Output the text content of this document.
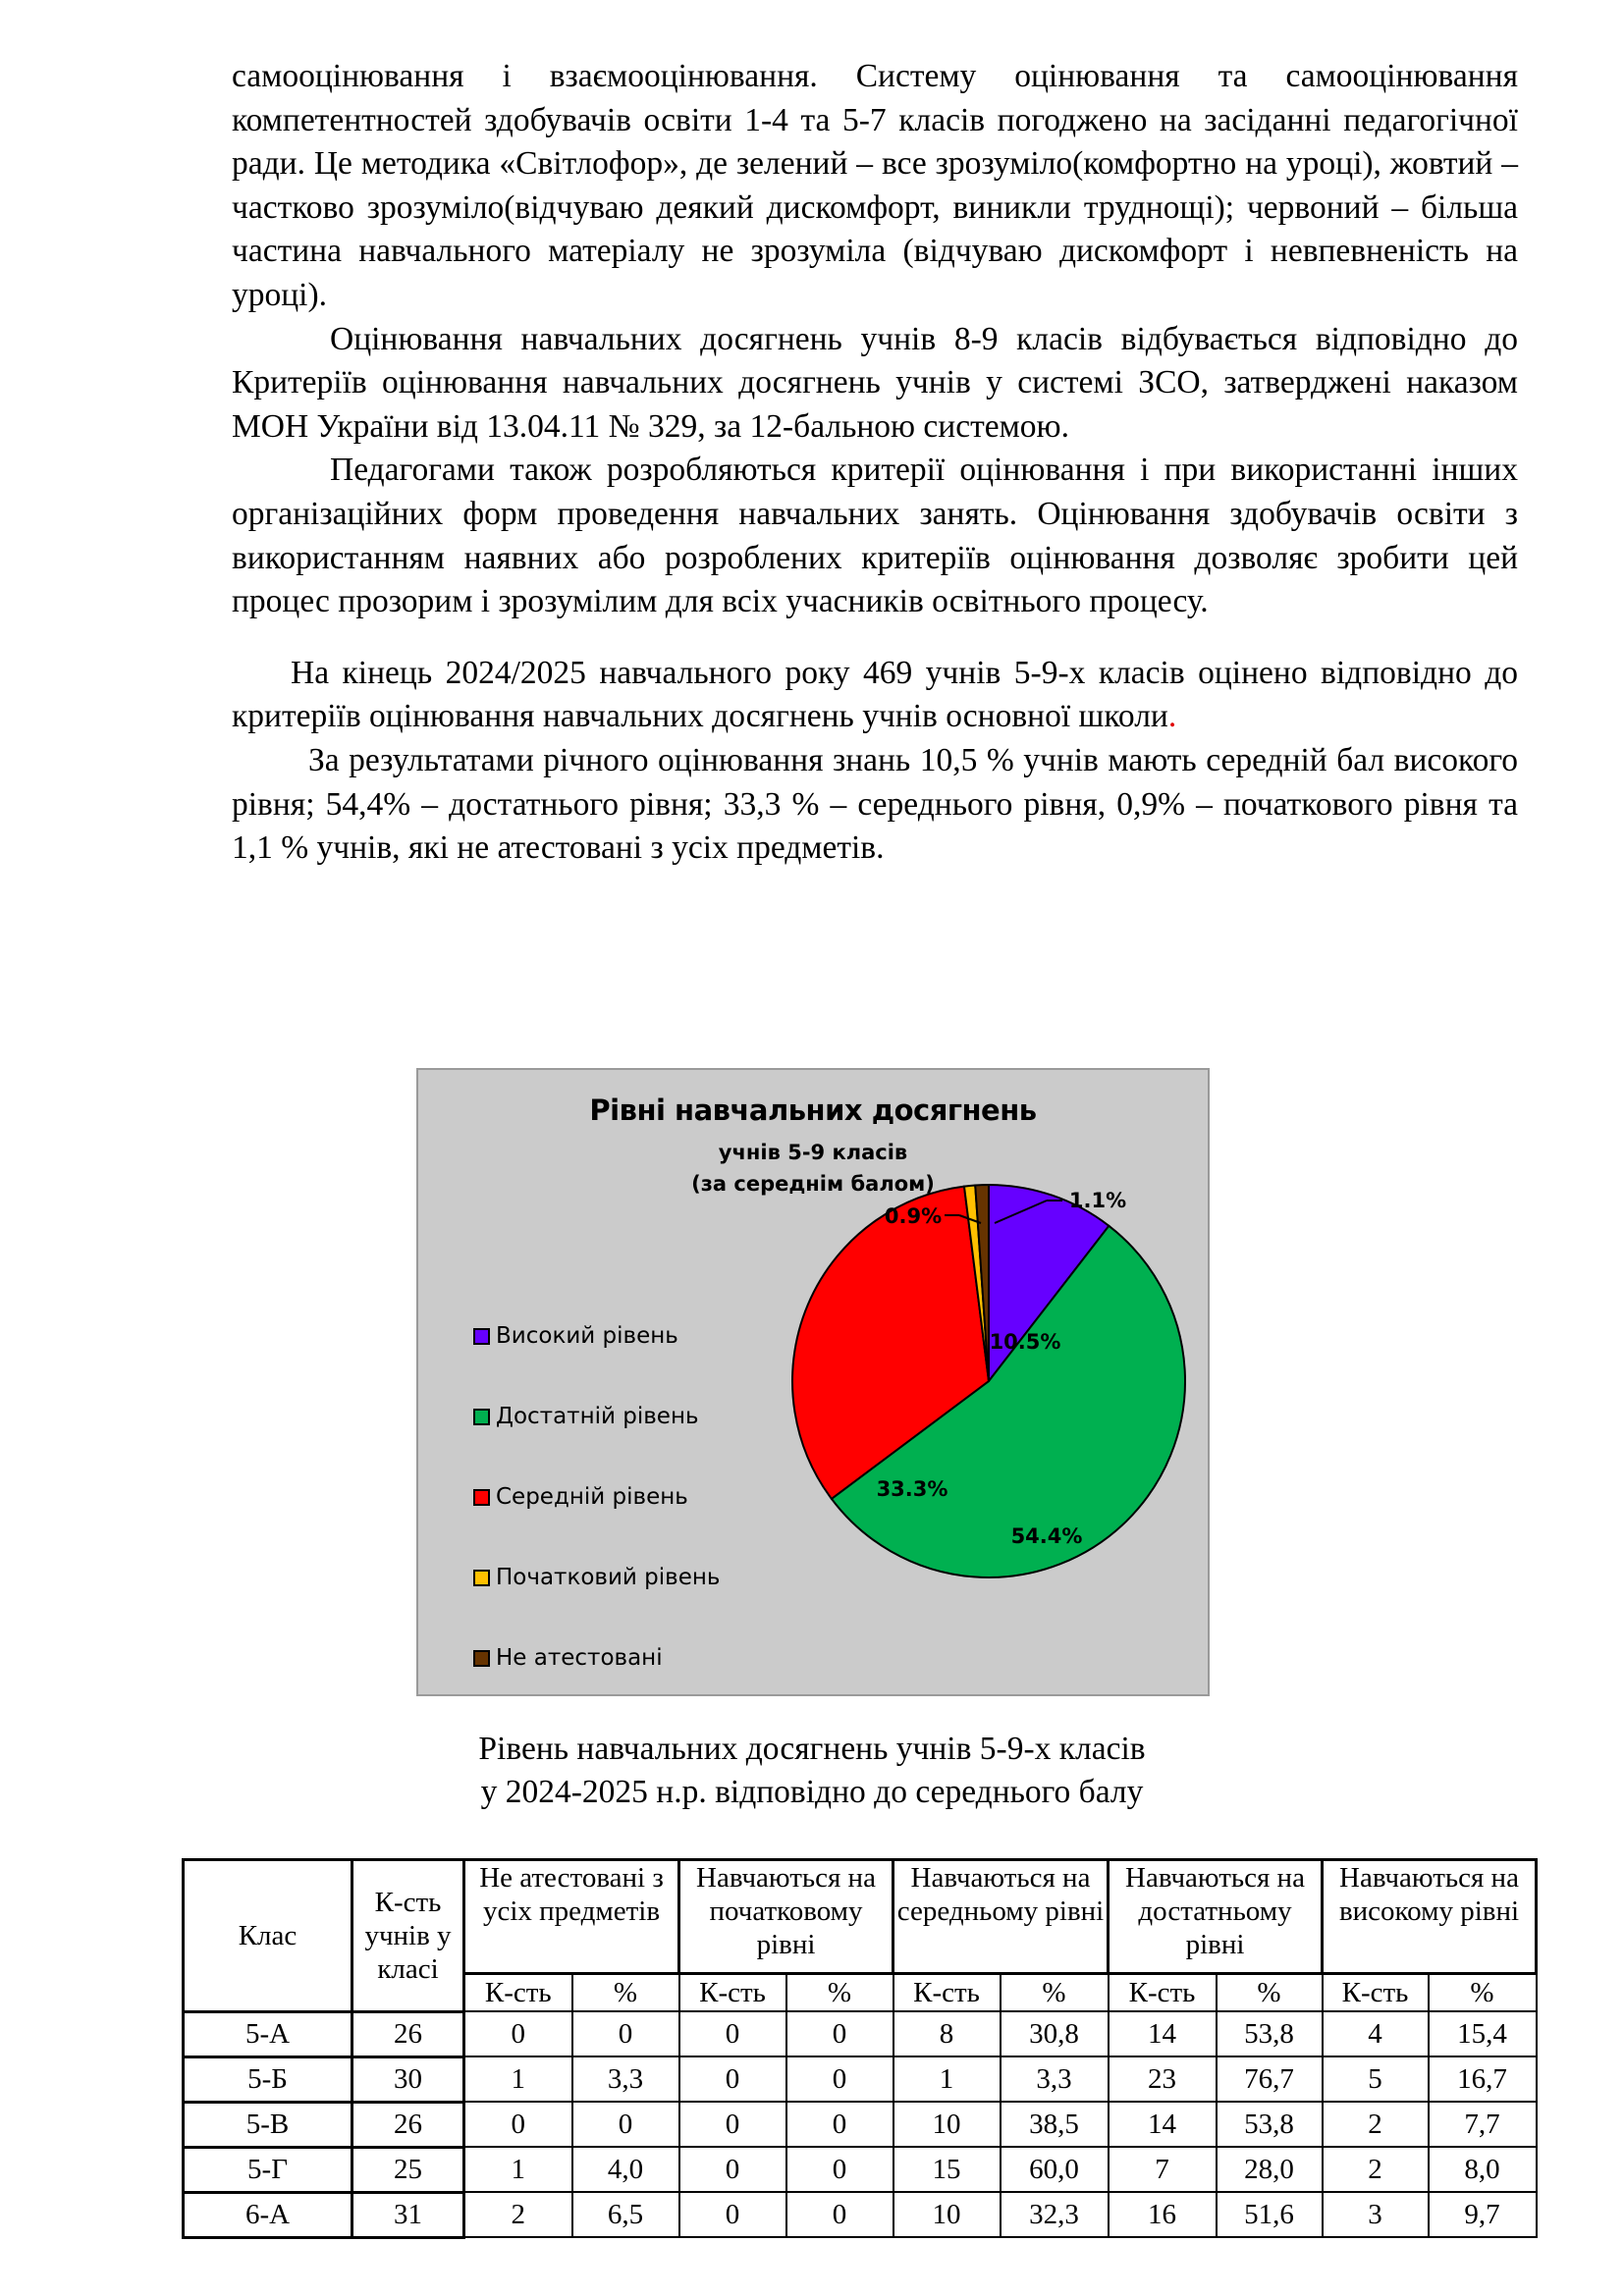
самооцінювання і взаємооцінювання. Систему оцінювання та самооцінювання компетентностей здобувачів освіти 1-4 та 5-7 класів погоджено на засіданні педагогічної ради. Це методика «Світлофор», де зелений – все зрозуміло(комфортно на уроці), жовтий – частково зрозуміло(відчуваю деякий дискомфорт, виникли труднощі); червоний – більша частина навчального матеріалу не зрозуміла (відчуваю дискомфорт і невпевненість на уроці).

Оцінювання навчальних досягнень учнів 8-9 класів відбувається відповідно до Критеріїв оцінювання навчальних досягнень учнів у системі ЗСО, затверджені наказом МОН України від 13.04.11 № 329, за 12-бальною системою.

Педагогами також розробляються критерії оцінювання і при використанні інших організаційних форм проведення навчальних занять. Оцінювання здобувачів освіти з використанням наявних або розроблених критеріїв оцінювання дозволяє зробити цей процес прозорим і зрозумілим для всіх учасників освітнього процесу.

На кінець 2024/2025 навчального року 469 учнів 5-9-х класів оцінено відповідно до критеріїв оцінювання навчальних досягнень учнів основної школи.

За результатами річного оцінювання знань 10,5 % учнів мають середній бал високого рівня; 54,4% – достатнього рівня; 33,3 % – середнього рівня, 0,9% – початкового рівня та 1,1 % учнів, які не атестовані з усіх предметів.

Рівні навчальних досягнень
учнів 5-9 класів
(за середнім балом)
Високий рівень
Достатній рівень
Середній рівень
Початковий рівень
Не атестовані
10.5%
54.4%
33.3%
0.9%
1.1%
Рівень навчальних досягнень учнів 5-9-х класів
у 2024-2025 н.р. відповідно до середнього балу
Клас	К-сть учнів у класі	Не атестовані з усіх предметів		Навчаються на початковому рівні		Навчаються на середньому рівні		Навчаються на достатньому рівні		Навчаються на високому рівні	
		К-сть	%	К-сть	%	К-сть	%	К-сть	%	К-сть	%
5-А	26	0	0	0	0	8	30,8	14	53,8	4	15,4
5-Б	30	1	3,3	0	0	1	3,3	23	76,7	5	16,7
5-В	26	0	0	0	0	10	38,5	14	53,8	2	7,7
5-Г	25	1	4,0	0	0	15	60,0	7	28,0	2	8,0
6-А	31	2	6,5	0	0	10	32,3	16	51,6	3	9,7
